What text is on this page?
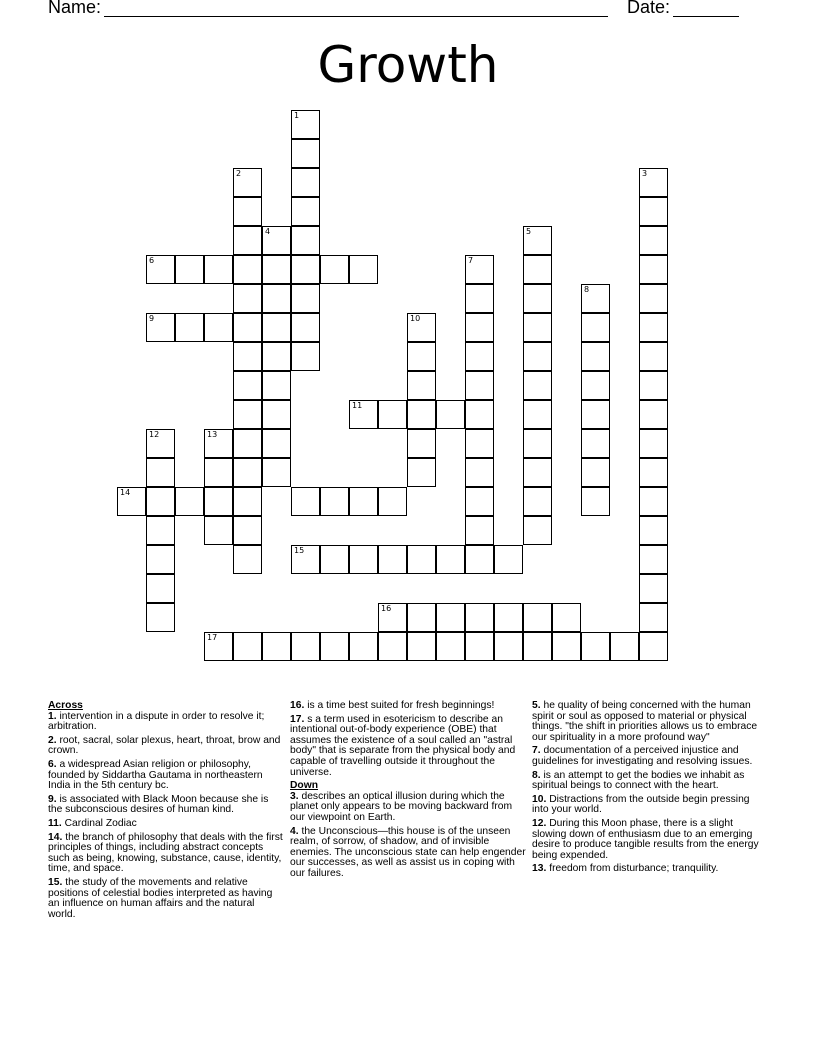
Name:	Date:
Growth
1
2	3
4	5
6	7
8
9	10
11
12	13
14
15
16
17
Across
1. intervention in a dispute in order to resolve it; arbitration.
2. root, sacral, solar plexus, heart, throat, brow and crown.
6. a widespread Asian religion or philosophy, founded by Siddartha Gautama in northeastern India in the 5th century bc.
9. is associated with Black Moon because she is the subconscious desires of human kind.
11. Cardinal Zodiac
14. the branch of philosophy that deals with the first principles of things, including abstract concepts such as being, knowing, substance, cause, identity, time, and space.
15. the study of the movements and relative positions of celestial bodies interpreted as having an influence on human affairs and the natural world.
16. is a time best suited for fresh beginnings!
17. s a term used in esotericism to describe an intentional out-of-body experience (OBE) that assumes the existence of a soul called an "astral body" that is separate from the physical body and capable of travelling outside it throughout the universe.
Down
3. describes an optical illusion during which the planet only appears to be moving backward from our viewpoint on Earth.
4. the Unconscious—this house is of the unseen realm, of sorrow, of shadow, and of invisible enemies. The unconscious state can help engender our successes, as well as assist us in coping with our failures.
5. he quality of being concerned with the human spirit or soul as opposed to material or physical things. "the shift in priorities allows us to embrace our spirituality in a more profound way"
7. documentation of a perceived injustice and guidelines for investigating and resolving issues.
8. is an attempt to get the bodies we inhabit as spiritual beings to connect with the heart.
10. Distractions from the outside begin pressing into your world.
12. During this Moon phase, there is a slight slowing down of enthusiasm due to an emerging desire to produce tangible results from the energy being expended.
13. freedom from disturbance; tranquility.
